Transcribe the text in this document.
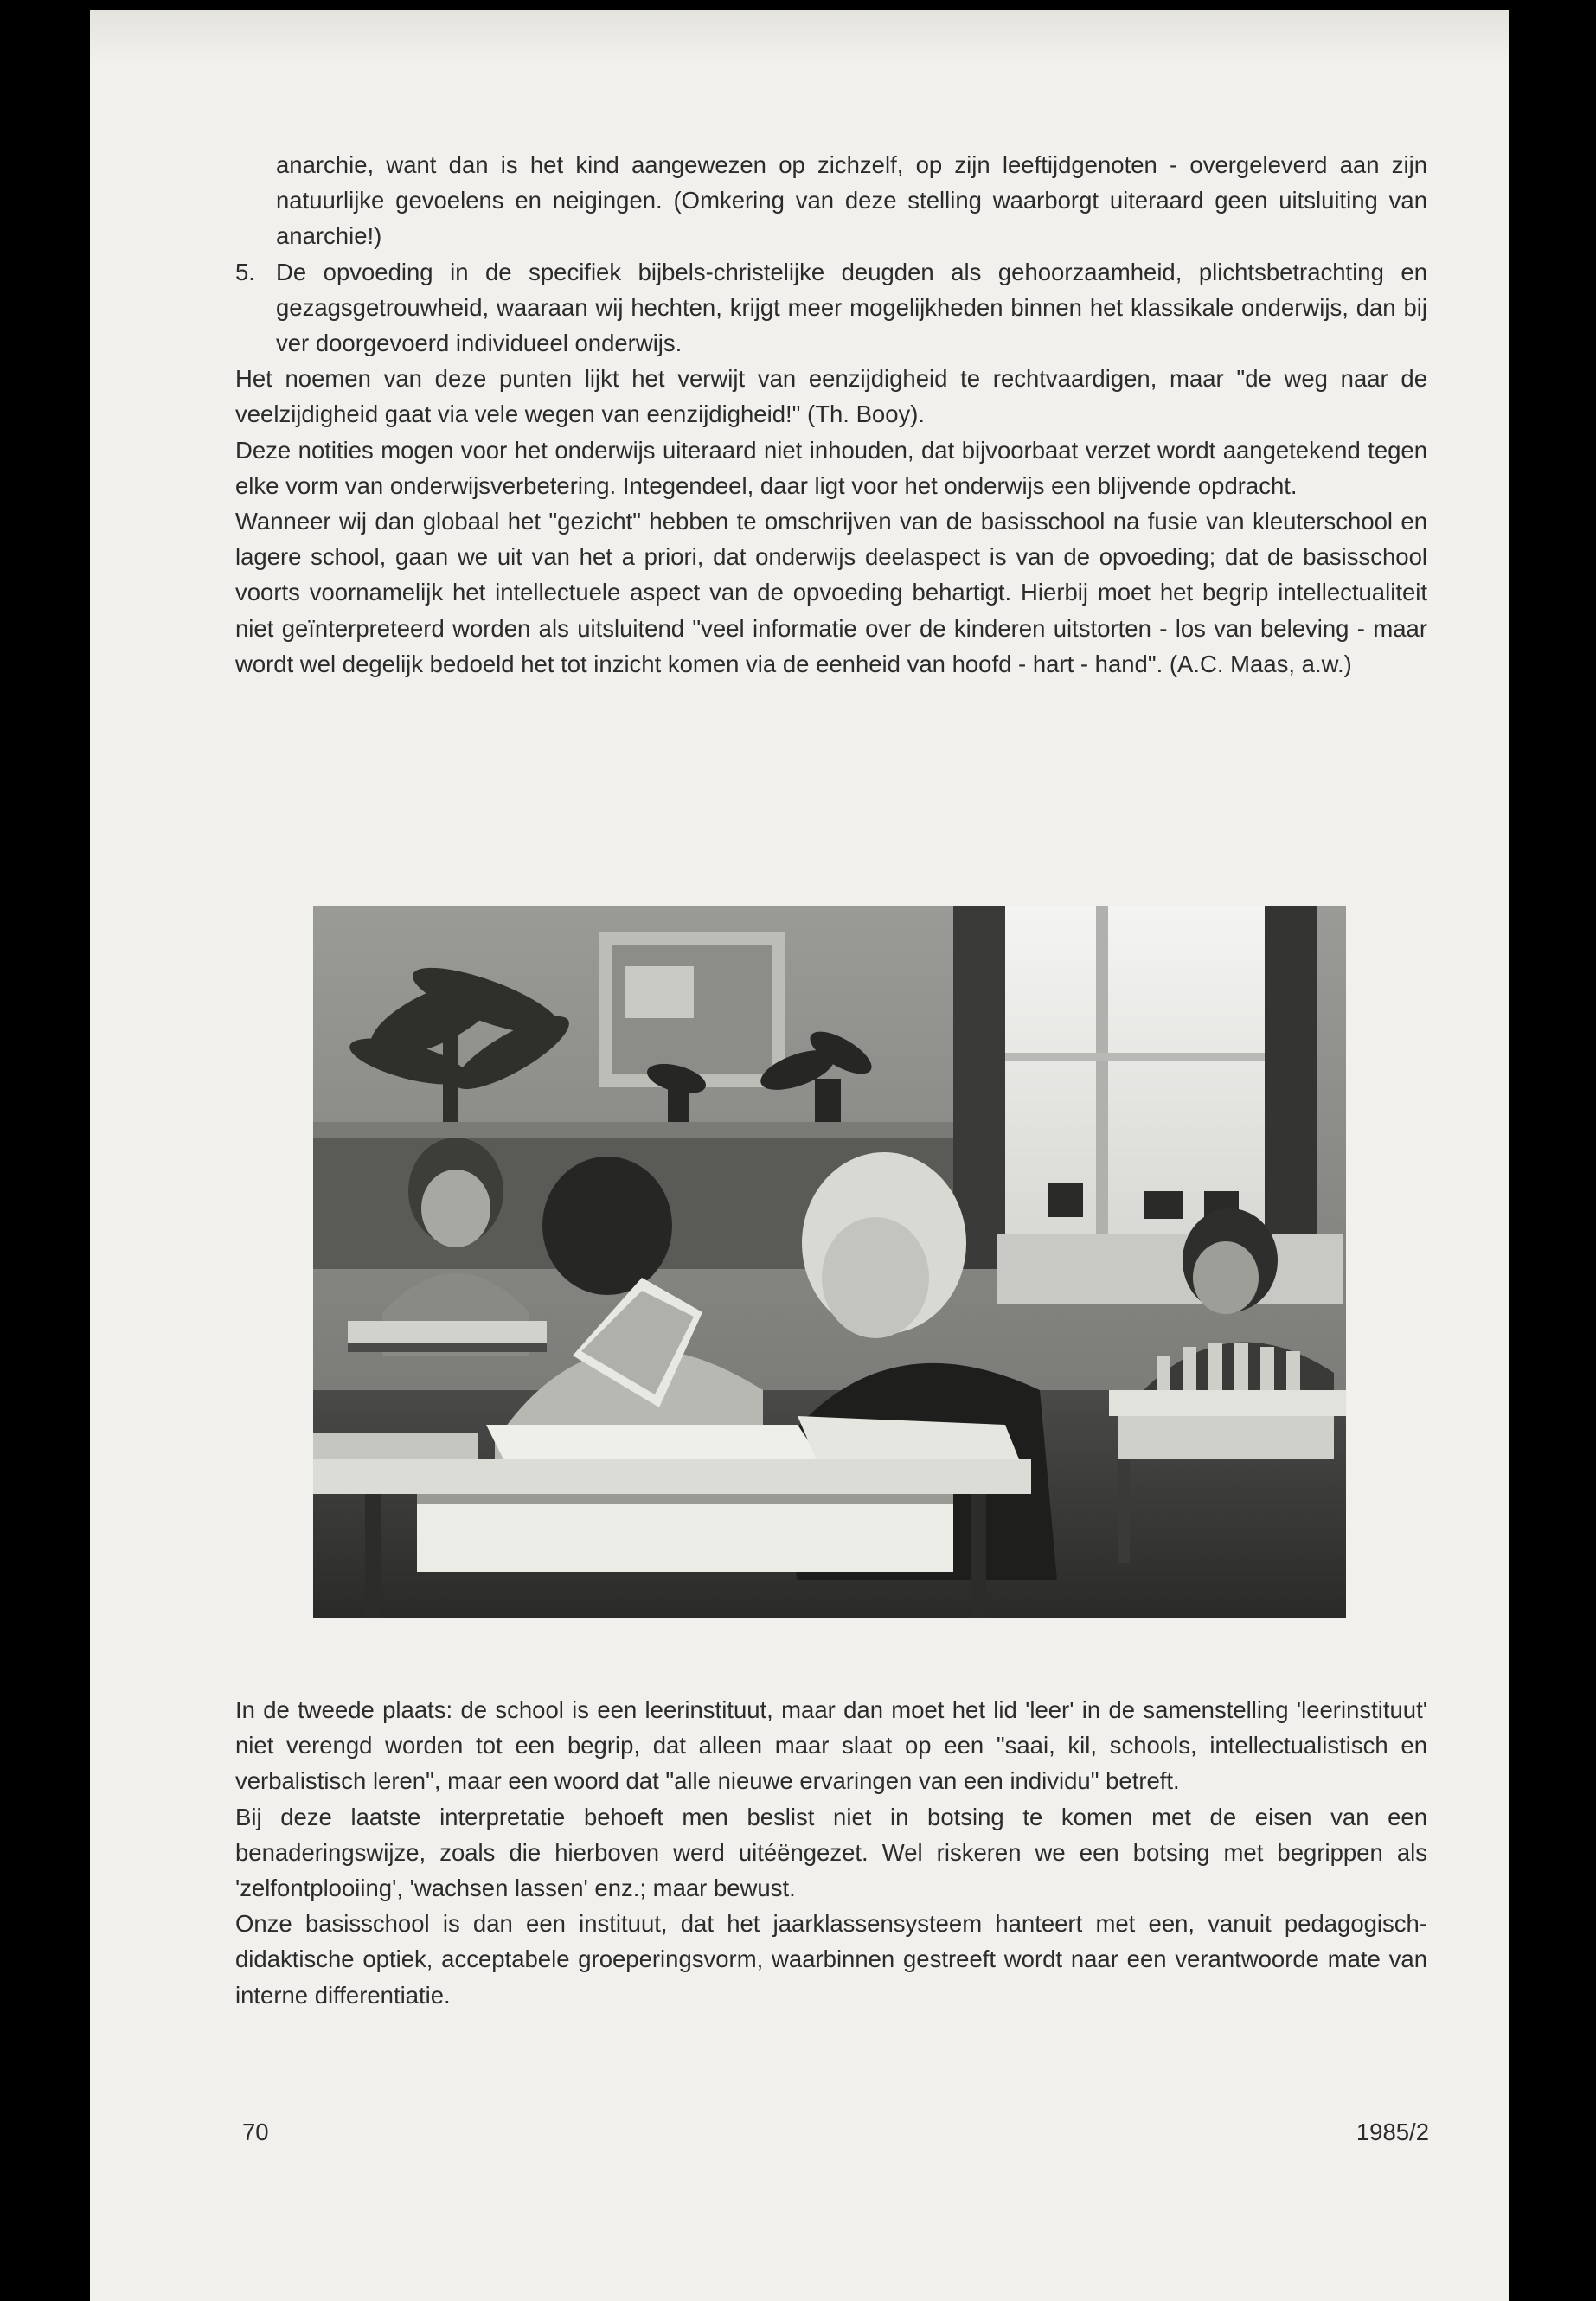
anarchie, want dan is het kind aangewezen op zichzelf, op zijn leeftijdgenoten - overgeleverd aan zijn natuurlijke gevoelens en neigingen. (Omkering van deze stelling waarborgt uiteraard geen uitsluiting van anarchie!)

5. De opvoeding in de specifiek bijbels-christelijke deugden als gehoorzaamheid, plichtsbetrachting en gezagsgetrouwheid, waaraan wij hechten, krijgt meer mogelijkheden binnen het klassikale onderwijs, dan bij ver doorgevoerd individueel onderwijs.

Het noemen van deze punten lijkt het verwijt van eenzijdigheid te rechtvaardigen, maar "de weg naar de veelzijdigheid gaat via vele wegen van eenzijdigheid!" (Th. Booy).

Deze notities mogen voor het onderwijs uiteraard niet inhouden, dat bijvoorbaat verzet wordt aangetekend tegen elke vorm van onderwijsverbetering. Integendeel, daar ligt voor het onderwijs een blijvende opdracht.

Wanneer wij dan globaal het "gezicht" hebben te omschrijven van de basisschool na fusie van kleuterschool en lagere school, gaan we uit van het a priori, dat onderwijs deelaspect is van de opvoeding; dat de basisschool voorts voornamelijk het intellectuele aspect van de opvoeding behartigt. Hierbij moet het begrip intellectualiteit niet geïnterpreteerd worden als uitsluitend "veel informatie over de kinderen uitstorten - los van beleving - maar wordt wel degelijk bedoeld het tot inzicht komen via de eenheid van hoofd - hart - hand". (A.C. Maas, a.w.)

In de tweede plaats: de school is een leerinstituut, maar dan moet het lid 'leer' in de samenstelling 'leerinstituut' niet verengd worden tot een begrip, dat alleen maar slaat op een "saai, kil, schools, intellectualistisch en verbalistisch leren", maar een woord dat "alle nieuwe ervaringen van een individu" betreft.

Bij deze laatste interpretatie behoeft men beslist niet in botsing te komen met de eisen van een benaderingswijze, zoals die hierboven werd uitéëngezet. Wel riskeren we een botsing met begrippen als 'zelfontplooiing', 'wachsen lassen' enz.; maar bewust.

Onze basisschool is dan een instituut, dat het jaarklassensysteem hanteert met een, vanuit pedagogisch-didaktische optiek, acceptabele groeperingsvorm, waarbinnen gestreeft wordt naar een verantwoorde mate van interne differentiatie.

70	1985/2
